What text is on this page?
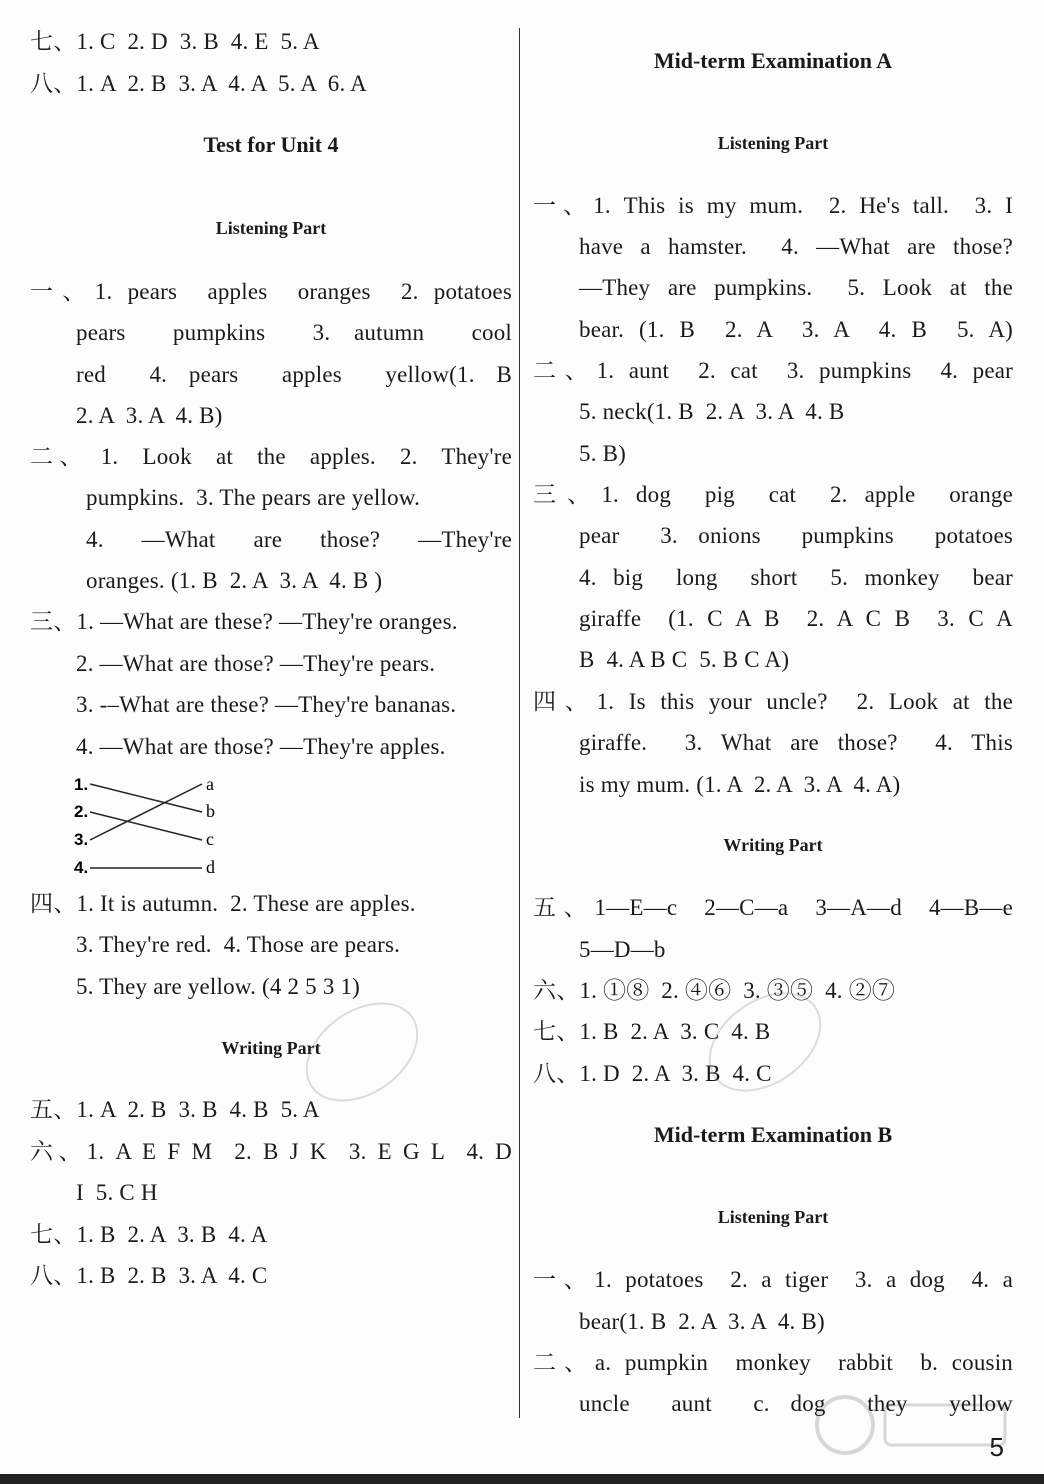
七、1. C  2. D  3. B  4. E  5. A
八、1. A  2. B  3. A  4. A  5. A  6. A
Test for Unit 4
Listening Part
一、1. pears  apples  oranges  2. potatoes
pears  pumpkins  3. autumn  cool
red  4. pears  apples  yellow(1. B
2. A  3. A  4. B)
二、 1.  Look  at  the  apples.  2.  They're
pumpkins.  3. The pears are yellow.
4.  —What  are  those?  —They're
oranges. (1. B  2. A  3. A  4. B )
三、1. —What are these? —They're oranges.
2. —What are those? —They're pears.
3. -–What are these? —They're bananas.
4. —What are those? —They're apples.
1.
2.
3.
4.
a
b
c
d
四、1. It is autumn.  2. These are apples.
3. They're red.  4. Those are pears.
5. They are yellow. (4 2 5 3 1)
Writing Part
五、1. A  2. B  3. B  4. B  5. A
六、1. A E F M  2. B J K  3. E G L  4. D
I  5. C H
七、1. B  2. A  3. B  4. A
八、1. B  2. B  3. A  4. C
Mid-term Examination A
Listening Part
一、1. This is my mum.  2. He's tall.  3. I
have a hamster.  4. —What are those?
—They are pumpkins.  5. Look at the
bear. (1. B  2. A  3. A  4. B  5. A)
二、1. aunt  2. cat  3. pumpkins  4. pear
5. neck(1. B  2. A  3. A  4. B
5. B)
三、1. dog  pig  cat  2. apple  orange
pear  3. onions  pumpkins  potatoes
4. big  long  short  5. monkey  bear
giraffe  (1. C A B  2. A C B  3. C A
B  4. A B C  5. B C A)
四、1. Is this your uncle?  2. Look at the
giraffe.  3. What are those?  4. This
is my mum. (1. A  2. A  3. A  4. A)
Writing Part
五、1—E—c  2—C—a  3—A—d  4—B—e
5—D—b
六、1. ①⑧  2. ④⑥  3. ③⑤  4. ②⑦
七、1. B  2. A  3. C  4. B
八、1. D  2. A  3. B  4. C
Mid-term Examination B
Listening Part
一、1. potatoes  2. a tiger  3. a dog  4. a
bear(1. B  2. A  3. A  4. B)
二、a. pumpkin  monkey  rabbit  b. cousin
uncle  aunt  c. dog  they  yellow
5
